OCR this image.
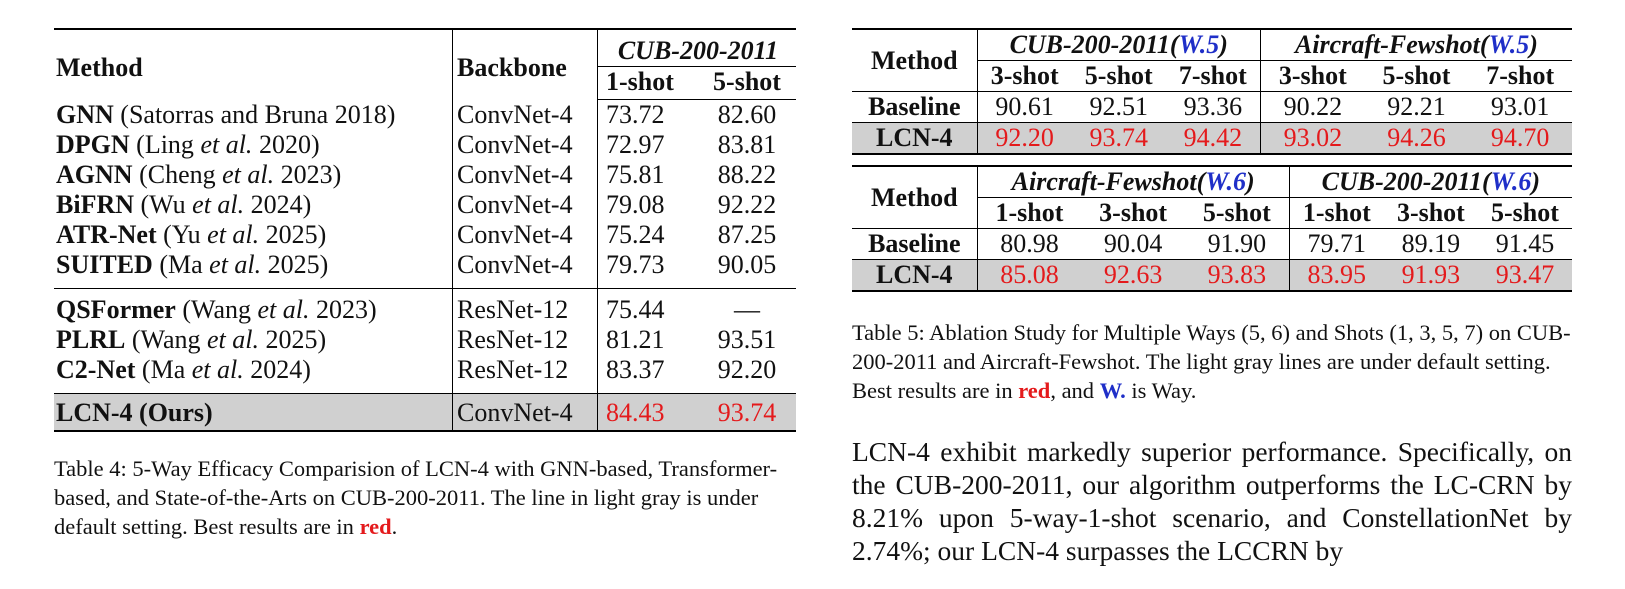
Method	Backbone	CUB-200-2011	
		1-shot	5-shot
GNN (Satorras and Bruna 2018)	ConvNet-4	73.72	82.60
DPGN (Ling et al. 2020)	ConvNet-4	72.97	83.81
AGNN (Cheng et al. 2023)	ConvNet-4	75.81	88.22
BiFRN (Wu et al. 2024)	ConvNet-4	79.08	92.22
ATR-Net (Yu et al. 2025)	ConvNet-4	75.24	87.25
SUITED (Ma et al. 2025)	ConvNet-4	79.73	90.05

QSFormer (Wang et al. 2023)	ResNet-12	75.44	—
PLRL (Wang et al. 2025)	ResNet-12	81.21	93.51
C2-Net (Ma et al. 2024)	ResNet-12	83.37	92.20

LCN-4 (Ours)	ConvNet-4	84.43	93.74
Table 4: 5-Way Efficacy Comparision of LCN-4 with GNN-based, Transformer-based, and State-of-the-Arts on CUB-200-2011. The line in light gray is under default setting. Best results are in red.
Method	CUB-200-2011(W.5)			Aircraft-Fewshot(W.5)		
	3-shot	5-shot	7-shot	3-shot	5-shot	7-shot
Baseline	90.61	92.51	93.36	90.22	92.21	93.01
LCN-4	92.20	93.74	94.42	93.02	94.26	94.70
Method	Aircraft-Fewshot(W.6)			CUB-200-2011(W.6)		
	1-shot	3-shot	5-shot	1-shot	3-shot	5-shot
Baseline	80.98	90.04	91.90	79.71	89.19	91.45
LCN-4	85.08	92.63	93.83	83.95	91.93	93.47
Table 5: Ablation Study for Multiple Ways (5, 6) and Shots (1, 3, 5, 7) on CUB-200-2011 and Aircraft-Fewshot. The light gray lines are under default setting. Best results are in red, and W. is Way.
LCN-4 exhibit markedly superior performance. Specifically, on the CUB-200-2011, our algorithm outperforms the LC-CRN by 8.21% upon 5-way-1-shot scenario, and ConstellationNet by 2.74%; our LCN-4 surpasses the LCCRN by
